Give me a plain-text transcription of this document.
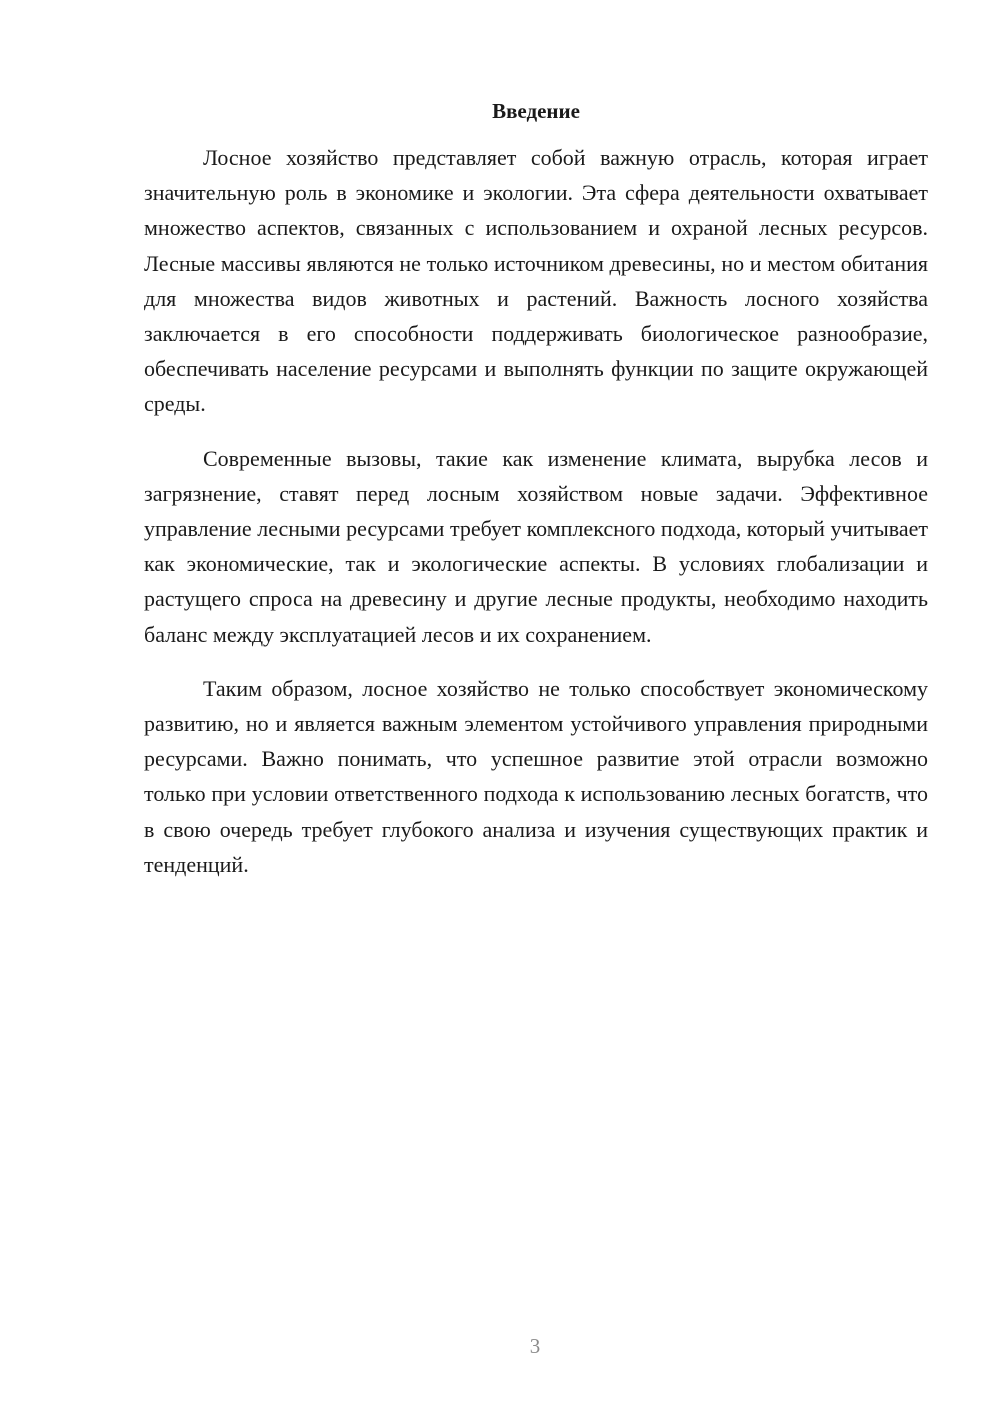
Введение

Лосное хозяйство представляет собой важную отрасль, которая играет значительную роль в экономике и экологии. Эта сфера деятельности охватывает множество аспектов, связанных с использованием и охраной лесных ресурсов. Лесные массивы являются не только источником древесины, но и местом обитания для множества видов животных и растений. Важность лосного хозяйства заключается в его способности поддерживать биологическое разнообразие, обеспечивать население ресурсами и выполнять функции по защите окружающей среды.

Современные вызовы, такие как изменение климата, вырубка лесов и загрязнение, ставят перед лосным хозяйством новые задачи. Эффективное управление лесными ресурсами требует комплексного подхода, который учитывает как экономические, так и экологические аспекты. В условиях глобализации и растущего спроса на древесину и другие лесные продукты, необходимо находить баланс между эксплуатацией лесов и их сохранением.

Таким образом, лосное хозяйство не только способствует экономическому развитию, но и является важным элементом устойчивого управления природными ресурсами. Важно понимать, что успешное развитие этой отрасли возможно только при условии ответственного подхода к использованию лесных богатств, что в свою очередь требует глубокого анализа и изучения существующих практик и тенденций.

3
